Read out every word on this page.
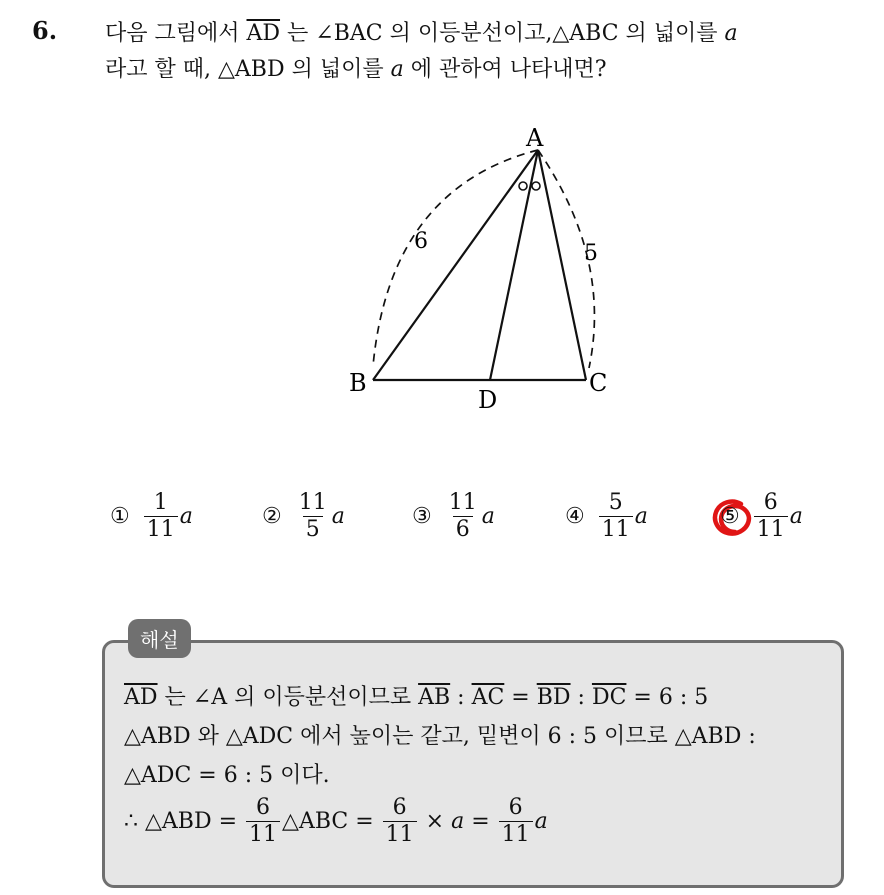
6. 다음 그림에서 $\overline{AD}$ 는 ∠BAC 의 이등분선이고,△ABC 의 넓이를 a
라고 할 때, △ABD 의 넓이를 a 에 관하여 나타내면?
A
B	C
D
6	5
① $\frac{1}{11}$ a	② $\frac{11}{5}$ a	③ $\frac{11}{6}$ a	④ $\frac{5}{11}$ a	⑤ $\frac{6}{11}$ a
해설
$\overline{AD}$ 는 ∠A 의 이등분선이므로 $\overline{AB}$ : $\overline{AC} = \overline{BD}$ : $\overline{DC} = 6$ : 5
△ABD 와 △ADC 에서 높이는 같고, 밑변이 6 : 5 이므로 △ABD :
△ADC = 6 : 5 이다.
∴ △ABD = $\frac{6}{11}$ △ABC = $\frac{6}{11} \times a = \frac{6}{11}$ a
